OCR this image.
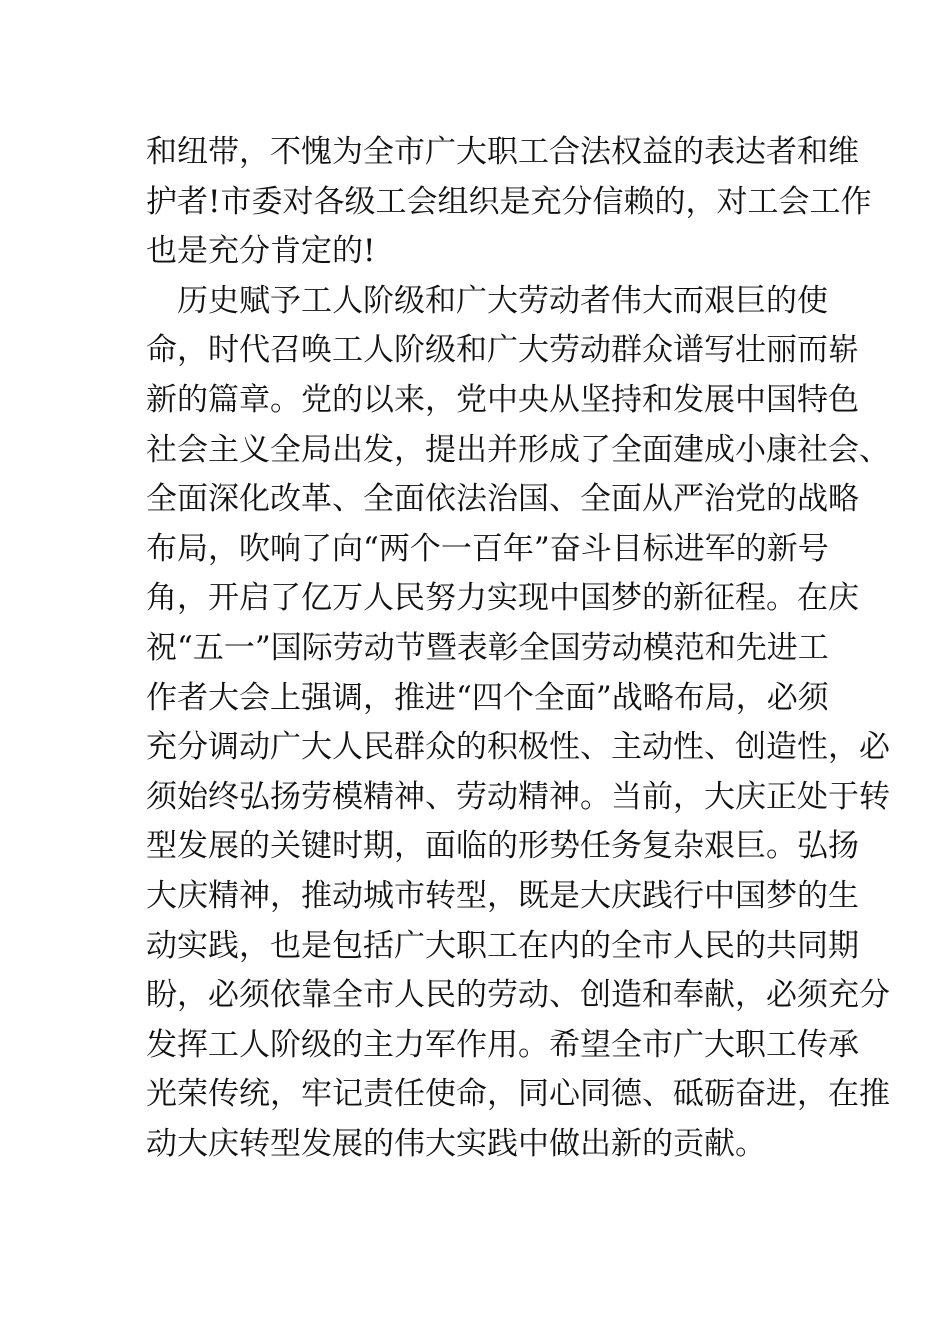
和纽带，不愧为全市广大职工合法权益的表达者和维
护者!市委对各级工会组织是充分信赖的，对工会工作
也是充分肯定的!
　历史赋予工人阶级和广大劳动者伟大而艰巨的使
命，时代召唤工人阶级和广大劳动群众谱写壮丽而崭
新的篇章。党的以来，党中央从坚持和发展中国特色
社会主义全局出发，提出并形成了全面建成小康社会、
全面深化改革、全面依法治国、全面从严治党的战略
布局，吹响了向“两个一百年”奋斗目标进军的新号
角，开启了亿万人民努力实现中国梦的新征程。在庆
祝“五一”国际劳动节暨表彰全国劳动模范和先进工
作者大会上强调，推进“四个全面”战略布局，必须
充分调动广大人民群众的积极性、主动性、创造性，必
须始终弘扬劳模精神、劳动精神。当前，大庆正处于转
型发展的关键时期，面临的形势任务复杂艰巨。弘扬
大庆精神，推动城市转型，既是大庆践行中国梦的生
动实践，也是包括广大职工在内的全市人民的共同期
盼，必须依靠全市人民的劳动、创造和奉献，必须充分
发挥工人阶级的主力军作用。希望全市广大职工传承
光荣传统，牢记责任使命，同心同德、砥砺奋进，在推
动大庆转型发展的伟大实践中做出新的贡献。
